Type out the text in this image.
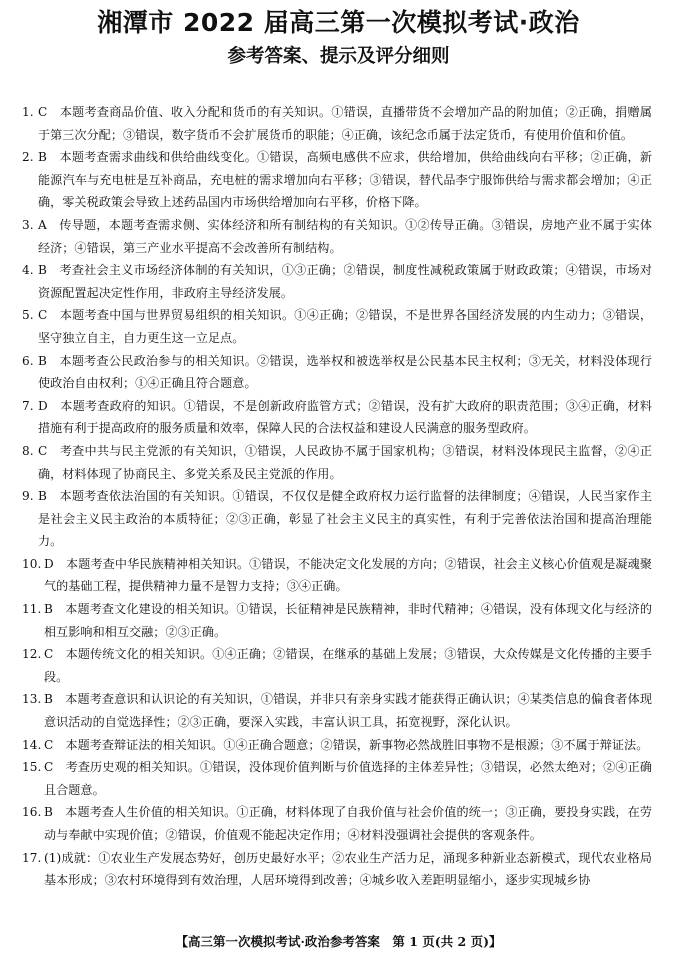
湘潭市 2022 届高三第一次模拟考试·政治
参考答案、提示及评分细则
1. C　本题考查商品价值、收入分配和货币的有关知识。①错误，直播带货不会增加产品的附加值；②正确，捐赠属于第三次分配；③错误，数字货币不会扩展货币的职能；④正确，该纪念币属于法定货币，有使用价值和价值。
2. B　本题考查需求曲线和供给曲线变化。①错误，高频电感供不应求，供给增加，供给曲线向右平移；②正确，新能源汽车与充电桩是互补商品，充电桩的需求增加向右平移；③错误，替代品李宁服饰供给与需求都会增加；④正确，零关税政策会导致上述药品国内市场供给增加向右平移，价格下降。
3. A　传导题，本题考查需求侧、实体经济和所有制结构的有关知识。①②传导正确。③错误，房地产业不属于实体经济；④错误，第三产业水平提高不会改善所有制结构。
4. B　考查社会主义市场经济体制的有关知识，①③正确；②错误，制度性减税政策属于财政政策；④错误，市场对资源配置起决定性作用，非政府主导经济发展。
5. C　本题考查中国与世界贸易组织的相关知识。①④正确；②错误，不是世界各国经济发展的内生动力；③错误，坚守独立自主，自力更生这一立足点。
6. B　本题考查公民政治参与的相关知识。②错误，选举权和被选举权是公民基本民主权利；③无关，材料没体现行使政治自由权利；①④正确且符合题意。
7. D　本题考查政府的知识。①错误，不是创新政府监管方式；②错误，没有扩大政府的职责范围；③④正确，材料措施有利于提高政府的服务质量和效率，保障人民的合法权益和建设人民满意的服务型政府。
8. C　考查中共与民主党派的有关知识，①错误，人民政协不属于国家机构；③错误，材料没体现民主监督，②④正确，材料体现了协商民主、多党关系及民主党派的作用。
9. B　本题考查依法治国的有关知识。①错误，不仅仅是健全政府权力运行监督的法律制度；④错误，人民当家作主是社会主义民主政治的本质特征；②③正确，彰显了社会主义民主的真实性，有利于完善依法治国和提高治理能力。
10. D　本题考查中华民族精神相关知识。①错误，不能决定文化发展的方向；②错误，社会主义核心价值观是凝魂聚气的基础工程，提供精神力量不是智力支持；③④正确。
11. B　本题考查文化建设的相关知识。①错误，长征精神是民族精神，非时代精神；④错误，没有体现文化与经济的相互影响和相互交融；②③正确。
12. C　本题传统文化的相关知识。①④正确；②错误，在继承的基础上发展；③错误，大众传媒是文化传播的主要手段。
13. B　本题考查意识和认识论的有关知识，①错误，并非只有亲身实践才能获得正确认识；④某类信息的偏食者体现意识活动的自觉选择性；②③正确，要深入实践，丰富认识工具，拓宽视野，深化认识。
14. C　本题考查辩证法的相关知识。①④正确合题意；②错误，新事物必然战胜旧事物不是根源；③不属于辩证法。
15. C　考查历史观的相关知识。①错误，没体现价值判断与价值选择的主体差异性；③错误，必然太绝对；②④正确且合题意。
16. B　本题考查人生价值的相关知识。①正确，材料体现了自我价值与社会价值的统一；③正确，要投身实践，在劳动与奉献中实现价值；②错误，价值观不能起决定作用；④材料没强调社会提供的客观条件。
17. (1)成就：①农业生产发展态势好，创历史最好水平；②农业生产活力足，涌现多种新业态新模式，现代农业格局基本形成；③农村环境得到有效治理，人居环境得到改善；④城乡收入差距明显缩小，逐步实现城乡协
【高三第一次模拟考试·政治参考答案　第 1 页(共 2 页)】
